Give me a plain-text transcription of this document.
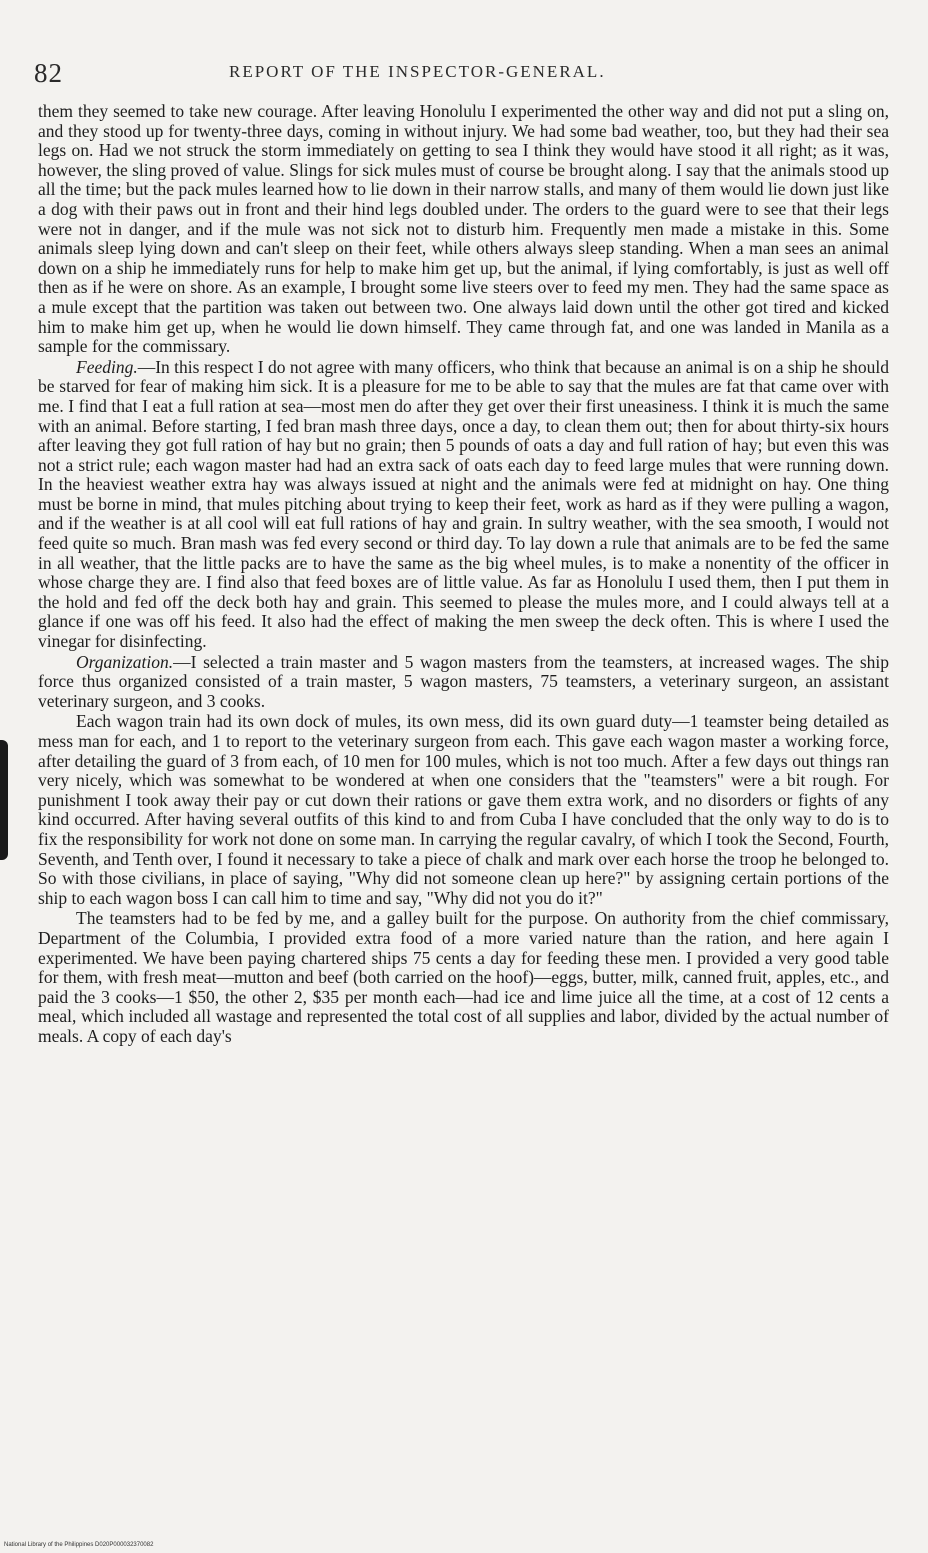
82	REPORT OF THE INSPECTOR-GENERAL.

them they seemed to take new courage. After leaving Honolulu I experimented the other way and did not put a sling on, and they stood up for twenty-three days, coming in without injury. We had some bad weather, too, but they had their sea legs on. Had we not struck the storm immediately on getting to sea I think they would have stood it all right; as it was, however, the sling proved of value. Slings for sick mules must of course be brought along. I say that the animals stood up all the time; but the pack mules learned how to lie down in their narrow stalls, and many of them would lie down just like a dog with their paws out in front and their hind legs doubled under. The orders to the guard were to see that their legs were not in danger, and if the mule was not sick not to disturb him. Frequently men made a mistake in this. Some animals sleep lying down and can't sleep on their feet, while others always sleep standing. When a man sees an animal down on a ship he immediately runs for help to make him get up, but the animal, if lying comfortably, is just as well off then as if he were on shore. As an example, I brought some live steers over to feed my men. They had the same space as a mule except that the partition was taken out between two. One always laid down until the other got tired and kicked him to make him get up, when he would lie down himself. They came through fat, and one was landed in Manila as a sample for the commissary.

Feeding.—In this respect I do not agree with many officers, who think that because an animal is on a ship he should be starved for fear of making him sick. It is a pleasure for me to be able to say that the mules are fat that came over with me. I find that I eat a full ration at sea—most men do after they get over their first uneasiness. I think it is much the same with an animal. Before starting, I fed bran mash three days, once a day, to clean them out; then for about thirty-six hours after leaving they got full ration of hay but no grain; then 5 pounds of oats a day and full ration of hay; but even this was not a strict rule; each wagon master had had an extra sack of oats each day to feed large mules that were running down. In the heaviest weather extra hay was always issued at night and the animals were fed at midnight on hay. One thing must be borne in mind, that mules pitching about trying to keep their feet, work as hard as if they were pulling a wagon, and if the weather is at all cool will eat full rations of hay and grain. In sultry weather, with the sea smooth, I would not feed quite so much. Bran mash was fed every second or third day. To lay down a rule that animals are to be fed the same in all weather, that the little packs are to have the same as the big wheel mules, is to make a nonentity of the officer in whose charge they are. I find also that feed boxes are of little value. As far as Honolulu I used them, then I put them in the hold and fed off the deck both hay and grain. This seemed to please the mules more, and I could always tell at a glance if one was off his feed. It also had the effect of making the men sweep the deck often. This is where I used the vinegar for disinfecting.

Organization.—I selected a train master and 5 wagon masters from the teamsters, at increased wages. The ship force thus organized consisted of a train master, 5 wagon masters, 75 teamsters, a veterinary surgeon, an assistant veterinary surgeon, and 3 cooks.

Each wagon train had its own dock of mules, its own mess, did its own guard duty—1 teamster being detailed as mess man for each, and 1 to report to the veterinary surgeon from each. This gave each wagon master a working force, after detailing the guard of 3 from each, of 10 men for 100 mules, which is not too much. After a few days out things ran very nicely, which was somewhat to be wondered at when one considers that the "teamsters" were a bit rough. For punishment I took away their pay or cut down their rations or gave them extra work, and no disorders or fights of any kind occurred. After having several outfits of this kind to and from Cuba I have concluded that the only way to do is to fix the responsibility for work not done on some man. In carrying the regular cavalry, of which I took the Second, Fourth, Seventh, and Tenth over, I found it necessary to take a piece of chalk and mark over each horse the troop he belonged to. So with those civilians, in place of saying, "Why did not someone clean up here?" by assigning certain portions of the ship to each wagon boss I can call him to time and say, "Why did not you do it?"

The teamsters had to be fed by me, and a galley built for the purpose. On authority from the chief commissary, Department of the Columbia, I provided extra food of a more varied nature than the ration, and here again I experimented. We have been paying chartered ships 75 cents a day for feeding these men. I provided a very good table for them, with fresh meat—mutton and beef (both carried on the hoof)—eggs, butter, milk, canned fruit, apples, etc., and paid the 3 cooks—1 $50, the other 2, $35 per month each—had ice and lime juice all the time, at a cost of 12 cents a meal, which included all wastage and represented the total cost of all supplies and labor, divided by the actual number of meals. A copy of each day's

National Library of the Philippines D020P000032370082
